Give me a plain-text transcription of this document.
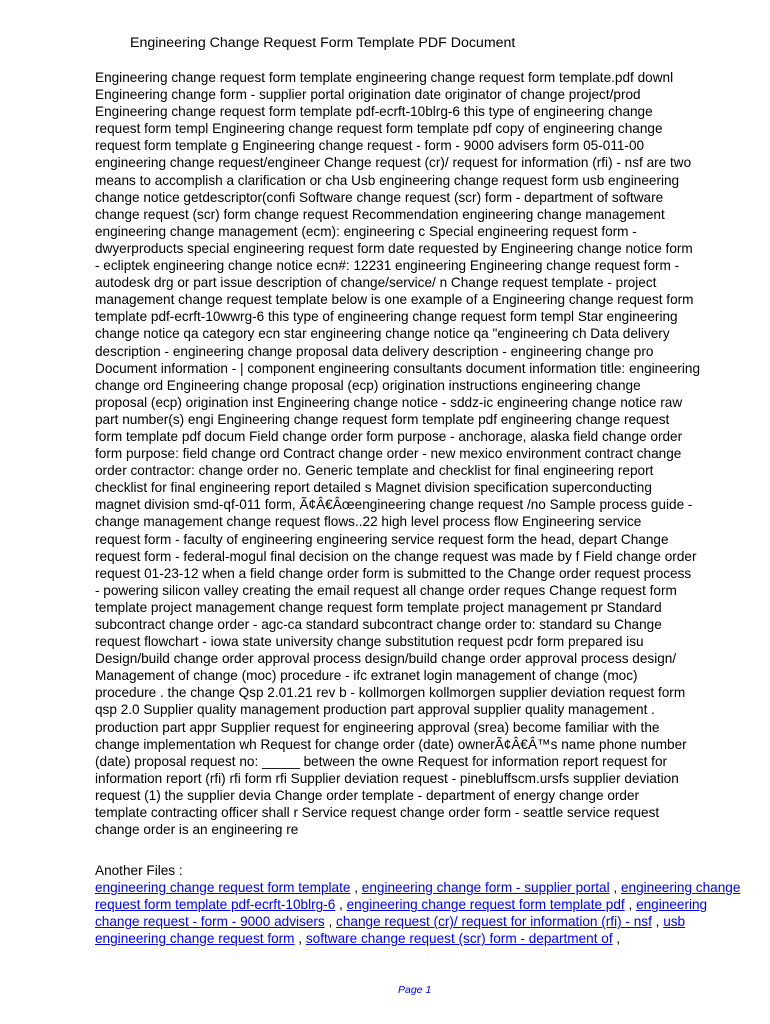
Engineering Change Request Form Template PDF Document
Engineering change request form template engineering change request form template.pdf downl
Engineering change form - supplier portal origination date originator of change project/prod
Engineering change request form template pdf-ecrft-10blrg-6 this type of engineering change
request form templ Engineering change request form template pdf copy of engineering change
request form template g Engineering change request - form - 9000 advisers form 05-011-00
engineering change request/engineer Change request (cr)/ request for information (rfi) - nsf are two
means to accomplish a clarification or cha Usb engineering change request form usb engineering
change notice getdescriptor(confi Software change request (scr) form - department of software
change request (scr) form change request Recommendation engineering change management
engineering change management (ecm): engineering c Special engineering request form -
dwyerproducts special engineering request form date requested by Engineering change notice form
- ecliptek engineering change notice ecn#: 12231 engineering Engineering change request form -
autodesk drg or part issue description of change/service/ n Change request template - project
management change request template below is one example of a Engineering change request form
template pdf-ecrft-10wwrg-6 this type of engineering change request form templ Star engineering
change notice qa category ecn star engineering change notice qa "engineering ch Data delivery
description - engineering change proposal data delivery description - engineering change pro
Document information - | component engineering consultants document information title: engineering
change ord Engineering change proposal (ecp) origination instructions engineering change
proposal (ecp) origination inst Engineering change notice - sddz-ic engineering change notice raw
part number(s) engi Engineering change request form template pdf engineering change request
form template pdf docum Field change order form purpose - anchorage, alaska field change order
form purpose: field change ord Contract change order - new mexico environment contract change
order contractor: change order no. Generic template and checklist for final engineering report
checklist for final engineering report detailed s Magnet division specification superconducting
magnet division smd-qf-011 form, Ã¢Â€Âœengineering change request /no Sample process guide -
change management change request flows..22 high level process flow Engineering service
request form - faculty of engineering engineering service request form the head, depart Change
request form - federal-mogul final decision on the change request was made by f Field change order
request 01-23-12 when a field change order form is submitted to the Change order request process
- powering silicon valley creating the email request all change order reques Change request form
template project management change request form template project management pr Standard
subcontract change order - agc-ca standard subcontract change order to: standard su Change
request flowchart - iowa state university change substitution request pcdr form prepared isu
Design/build change order approval process design/build change order approval process design/
Management of change (moc) procedure - ifc extranet login management of change (moc)
procedure . the change Qsp 2.01.21 rev b - kollmorgen kollmorgen supplier deviation request form
qsp 2.0 Supplier quality management production part approval supplier quality management .
production part appr Supplier request for engineering approval (srea) become familiar with the
change implementation wh Request for change order (date) ownerÃ¢Â€Â™s name phone number
(date) proposal request no: _____ between the owne Request for information report request for
information report (rfi) rfi form rfi Supplier deviation request - pinebluffscm.ursfs supplier deviation
request (1) the supplier devia Change order template - department of energy change order
template contracting officer shall r Service request change order form - seattle service request
change order is an engineering re
Another Files :
engineering change request form template , engineering change form - supplier portal , engineering change request form template pdf-ecrft-10blrg-6 , engineering change request form template pdf , engineering change request - form - 9000 advisers , change request (cr)/ request for information (rfi) - nsf , usb engineering change request form , software change request (scr) form - department of ,
Page 1
